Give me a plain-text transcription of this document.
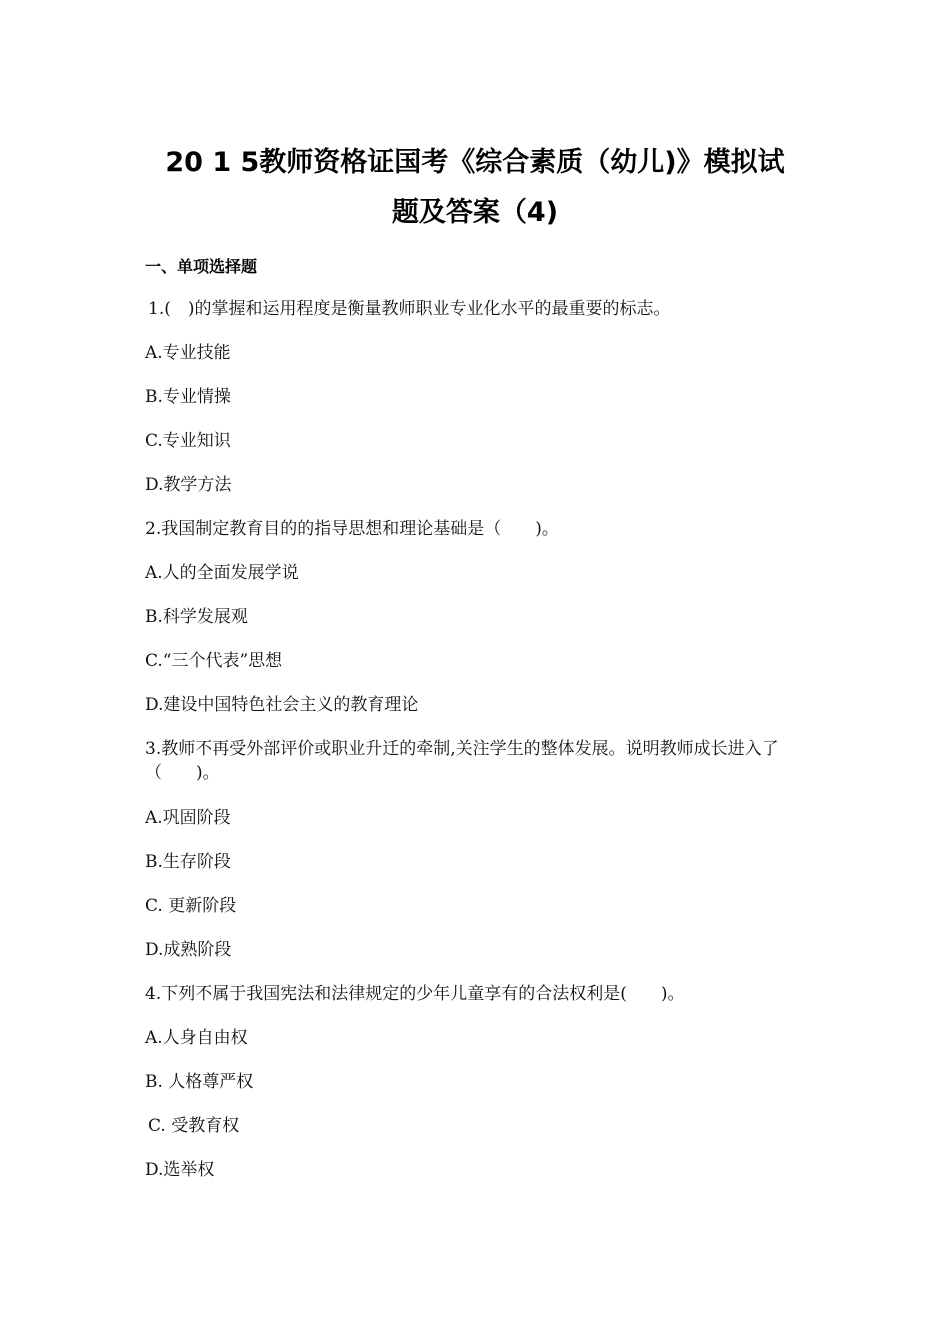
20 1 5教师资格证国考《综合素质（幼儿)》模拟试
题及答案（4)
一、单项选择题
1.(　)的掌握和运用程度是衡量教师职业专业化水平的最重要的标志。
A.专业技能
B.专业情操
C.专业知识
D.教学方法
2.我国制定教育目的的指导思想和理论基础是（　　)。
A.人的全面发展学说
B.科学发展观
C.“三个代表”思想
D.建设中国特色社会主义的教育理论
3.教师不再受外部评价或职业升迁的牵制,关注学生的整体发展。说明教师成长进入了（　　)。
A.巩固阶段
B.生存阶段
C. 更新阶段
D.成熟阶段
4.下列不属于我国宪法和法律规定的少年儿童享有的合法权利是(　　)。
A.人身自由权
B. 人格尊严权
C. 受教育权
D.选举权
